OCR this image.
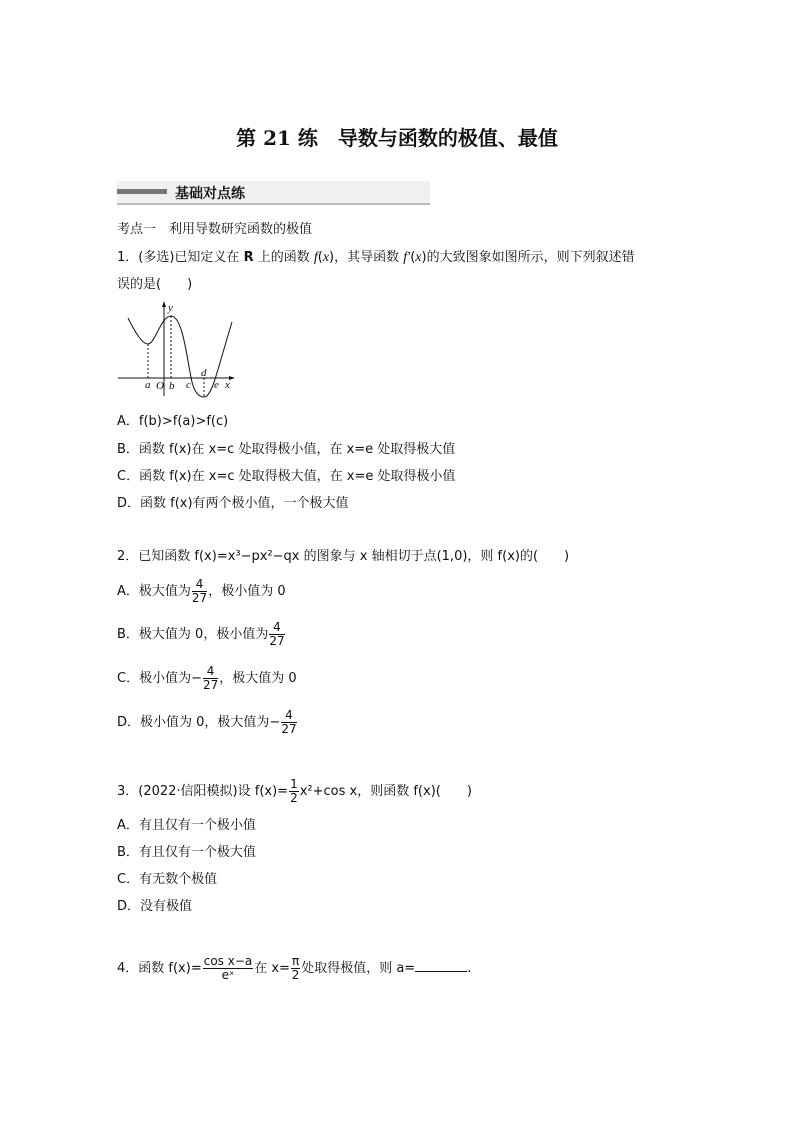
第 21 练　导数与函数的极值、最值
基础对点练
考点一　利用导数研究函数的极值
1．(多选)已知定义在 R 上的函数 f(x)，其导函数 f′(x)的大致图象如图所示，则下列叙述错
误的是(　　)
y
x
a O b c
d
e
A．f(b)>f(a)>f(c)
B．函数 f(x)在 x=c 处取得极小值，在 x=e 处取得极大值
C．函数 f(x)在 x=c 处取得极大值，在 x=e 处取得极小值
D．函数 f(x)有两个极小值，一个极大值
2．已知函数 f(x)=x³−px²−qx 的图象与 x 轴相切于点(1,0)，则 f(x)的(　　)
A．极大值为 $\frac{4}{27}$ ，极小值为 0
B．极大值为 0，极小值为 $\frac{4}{27}$
C．极小值为− $\frac{4}{27}$ ，极大值为 0
D．极小值为 0，极大值为− $\frac{4}{27}$
3．(2022·信阳模拟)设 $f(x)= \frac{1}{2} x^2+\cos$ x，则函数 f(x)(　　)
A．有且仅有一个极小值
B．有且仅有一个极大值
C．有无数个极值
D．没有极值
4．函数 $f(x)= \frac{\text{cos x−a}}{\text{eˣ}}$ 在 $x= \frac{\pi}{2}$ 处取得极值，则 a=	.
